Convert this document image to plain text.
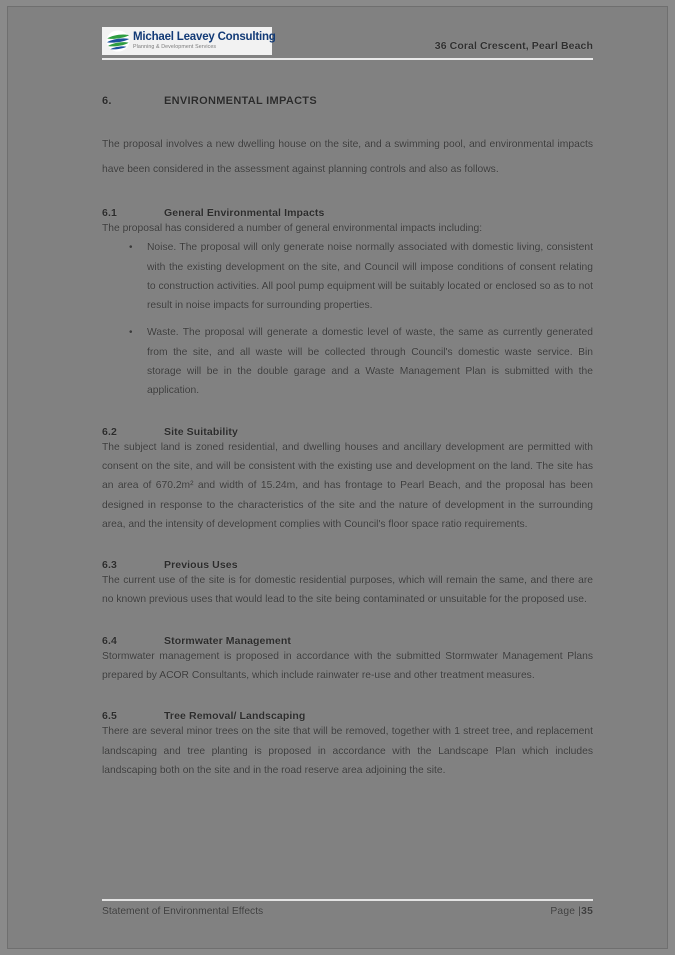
Michael Leavey Consulting
Planning & Development Services	36 Coral Crescent, Pearl Beach
6.	ENVIRONMENTAL IMPACTS

The proposal involves a new dwelling house on the site, and a swimming pool, and environmental impacts have been considered in the assessment against planning controls and also as follows.

6.1	General Environmental Impacts

The proposal has considered a number of general environmental impacts including:

• Noise. The proposal will only generate noise normally associated with domestic living, consistent with the existing development on the site, and Council will impose conditions of consent relating to construction activities. All pool pump equipment will be suitably located or enclosed so as to not result in noise impacts for surrounding properties.
• Waste. The proposal will generate a domestic level of waste, the same as currently generated from the site, and all waste will be collected through Council's domestic waste service. Bin storage will be in the double garage and a Waste Management Plan is submitted with the application.
6.2	Site Suitability

The subject land is zoned residential, and dwelling houses and ancillary development are permitted with consent on the site, and will be consistent with the existing use and development on the land. The site has an area of 670.2m² and width of 15.24m, and has frontage to Pearl Beach, and the proposal has been designed in response to the characteristics of the site and the nature of development in the surrounding area, and the intensity of development complies with Council's floor space ratio requirements.

6.3	Previous Uses

The current use of the site is for domestic residential purposes, which will remain the same, and there are no known previous uses that would lead to the site being contaminated or unsuitable for the proposed use.

6.4	Stormwater Management

Stormwater management is proposed in accordance with the submitted Stormwater Management Plans prepared by ACOR Consultants, which include rainwater re-use and other treatment measures.

6.5	Tree Removal/ Landscaping

There are several minor trees on the site that will be removed, together with 1 street tree, and replacement landscaping and tree planting is proposed in accordance with the Landscape Plan which includes landscaping both on the site and in the road reserve area adjoining the site.

Statement of Environmental Effects	Page |35
